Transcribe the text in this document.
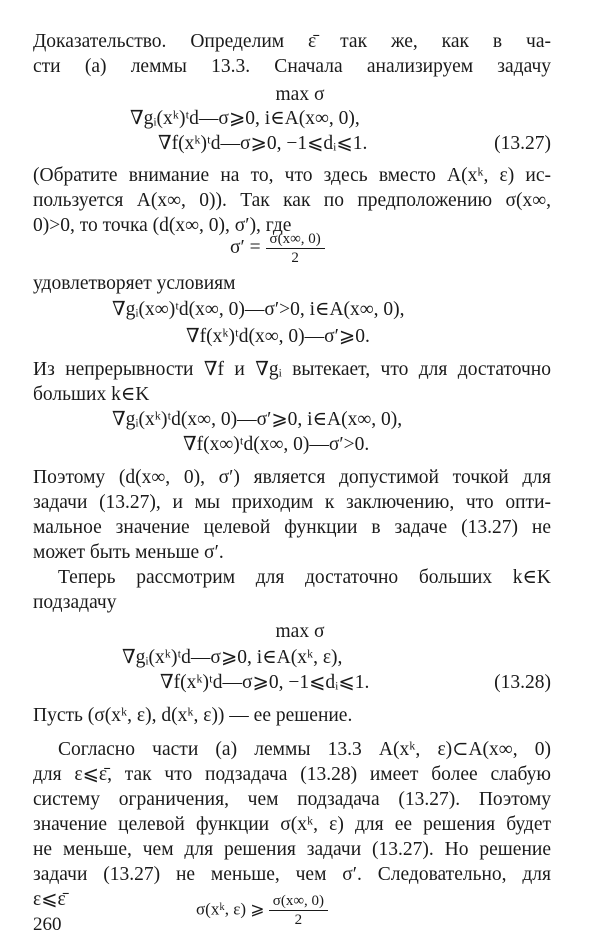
Доказательство. Определим ε̄ так же, как в ча-
сти (а) леммы 13.3. Сначала анализируем задачу
max σ
∇gᵢ(xᵏ)ᵗd—σ⩾0, i∈A(x∞, 0),
∇f(xᵏ)ᵗd—σ⩾0, −1⩽dᵢ⩽1.	(13.27)
(Обратите внимание на то, что здесь вместо A(xᵏ, ε) ис-
пользуется A(x∞, 0)). Так как по предположению σ(x∞,
0)>0, то точка (d(x∞, 0), σ′), где
$\sigma' = \frac{\sigma(x\infty, 0)}{2}$
удовлетворяет условиям
∇gᵢ(x∞)ᵗd(x∞, 0)—σ′>0, i∈A(x∞, 0),
∇f(xᵏ)ᵗd(x∞, 0)—σ′⩾0.
Из непрерывности ∇f и ∇gᵢ вытекает, что для достаточно
больших k∈K
∇gᵢ(xᵏ)ᵗd(x∞, 0)—σ′⩾0, i∈A(x∞, 0),
∇f(x∞)ᵗd(x∞, 0)—σ′>0.
Поэтому (d(x∞, 0), σ′) является допустимой точкой для
задачи (13.27), и мы приходим к заключению, что опти-
мальное значение целевой функции в задаче (13.27) не
может быть меньше σ′.
Теперь рассмотрим для достаточно больших k∈K
подзадачу
max σ
∇gᵢ(xᵏ)ᵗd—σ⩾0, i∈A(xᵏ, ε),
∇f(xᵏ)ᵗd—σ⩾0, −1⩽dᵢ⩽1.	(13.28)
Пусть (σ(xᵏ, ε), d(xᵏ, ε)) — ее решение.
Согласно части (а) леммы 13.3 A(xᵏ, ε)⊂A(x∞, 0)
для ε⩽ε̄, так что подзадача (13.28) имеет более слабую
систему ограничения, чем подзадача (13.27). Поэтому
значение целевой функции σ(xᵏ, ε) для ее решения будет
не меньше, чем для решения задачи (13.27). Но решение
задачи (13.27) не меньше, чем σ′. Следовательно, для
ε⩽ε̄	σ(xᵏ, ε) ⩾ $\frac{\sigma(x\infty, 0)}{2}$
260
